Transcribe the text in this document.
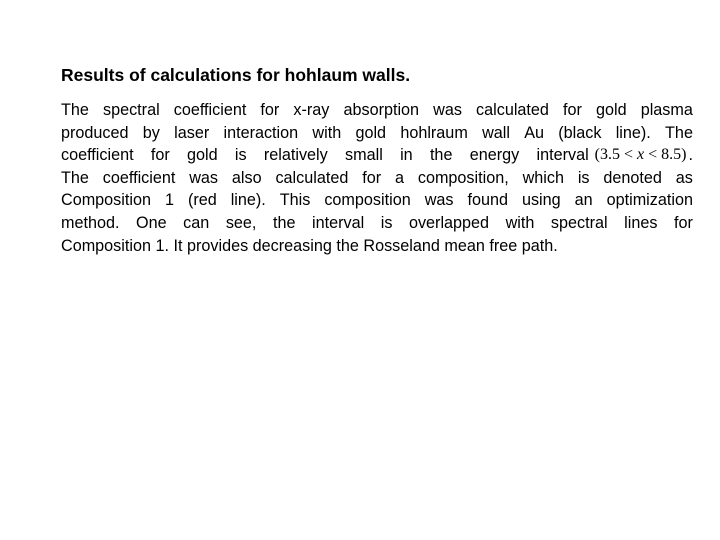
Results of calculations for hohlaum walls.
The spectral coefficient for x-ray absorption was calculated for gold plasma
produced by laser interaction with gold hohlraum wall Au (black line). The
coefficient for gold is relatively small in the energy interval (3.5 < x < 8.5) .
The coefficient was also calculated for a composition, which is denoted as
Composition 1 (red line). This composition was found using an optimization
method. One can see, the interval is overlapped with spectral lines for
Composition 1. It provides decreasing the Rosseland mean free path.
